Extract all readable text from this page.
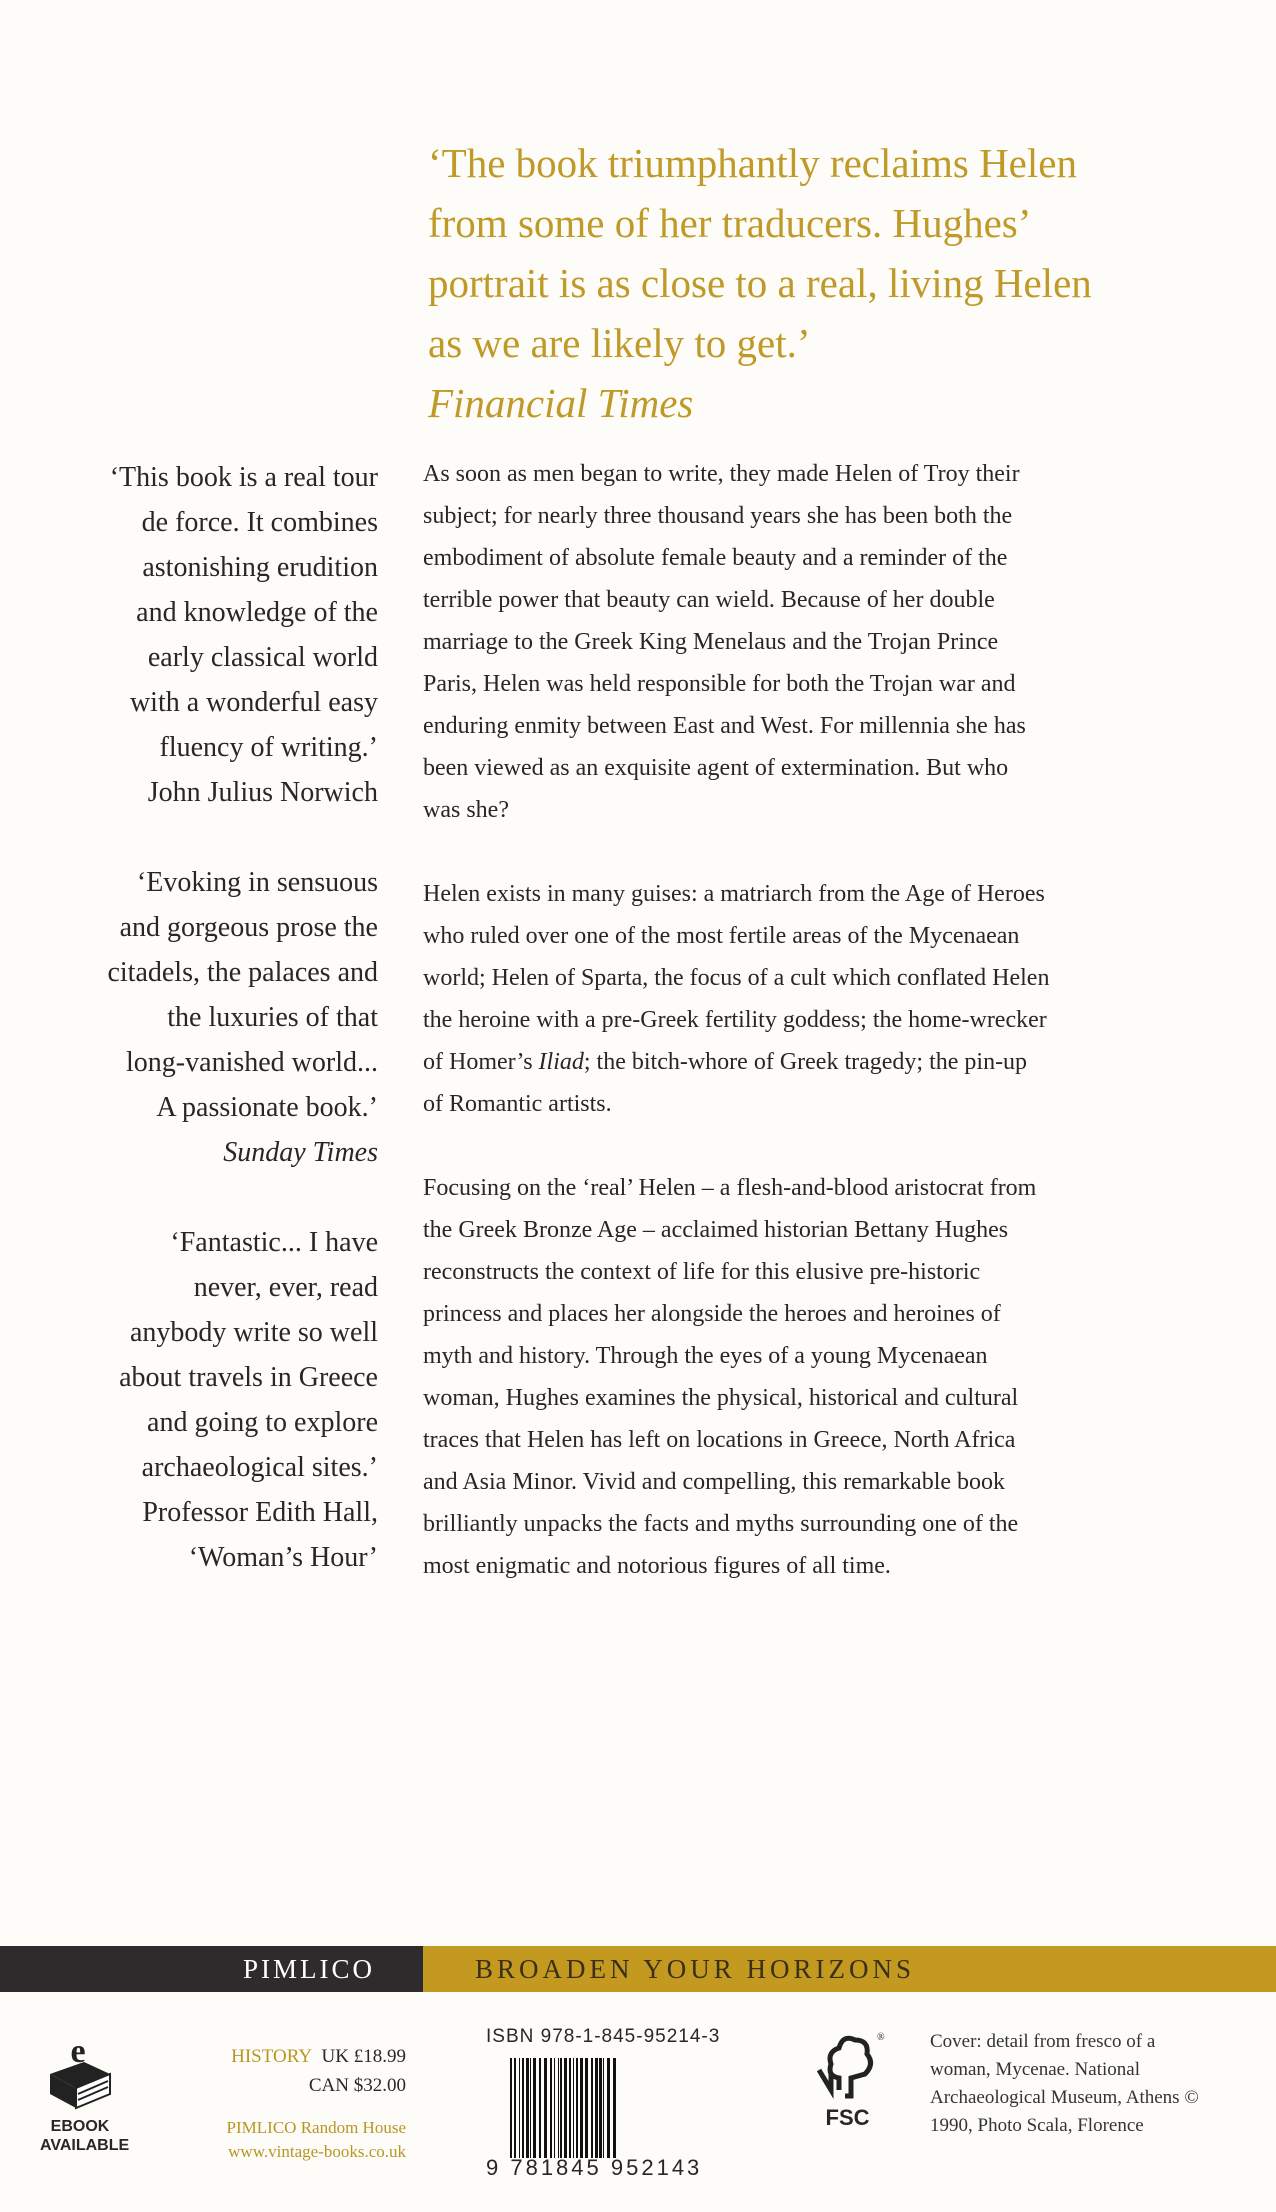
‘The book triumphantly reclaims Helen
from some of her traducers. Hughes’
portrait is as close to a real, living Helen
as we are likely to get.’
Financial Times
‘This book is a real tour
de force. It combines
astonishing erudition
and knowledge of the
early classical world
with a wonderful easy
fluency of writing.’
John Julius Norwich
‘Evoking in sensuous
and gorgeous prose the
citadels, the palaces and
the luxuries of that
long-vanished world...
A passionate book.’
Sunday Times
‘Fantastic... I have
never, ever, read
anybody write so well
about travels in Greece
and going to explore
archaeological sites.’
Professor Edith Hall,
‘Woman’s Hour’

As soon as men began to write, they made Helen of Troy their
subject; for nearly three thousand years she has been both the
embodiment of absolute female beauty and a reminder of the
terrible power that beauty can wield. Because of her double
marriage to the Greek King Menelaus and the Trojan Prince
Paris, Helen was held responsible for both the Trojan war and
enduring enmity between East and West. For millennia she has
been viewed as an exquisite agent of extermination. But who
was she?

Helen exists in many guises: a matriarch from the Age of Heroes
who ruled over one of the most fertile areas of the Mycenaean
world; Helen of Sparta, the focus of a cult which conflated Helen
the heroine with a pre-Greek fertility goddess; the home-wrecker
of Homer’s Iliad; the bitch-whore of Greek tragedy; the pin-up
of Romantic artists.

Focusing on the ‘real’ Helen – a flesh-and-blood aristocrat from
the Greek Bronze Age – acclaimed historian Bettany Hughes
reconstructs the context of life for this elusive pre-historic
princess and places her alongside the heroes and heroines of
myth and history. Through the eyes of a young Mycenaean
woman, Hughes examines the physical, historical and cultural
traces that Helen has left on locations in Greece, North Africa
and Asia Minor. Vivid and compelling, this remarkable book
brilliantly unpacks the facts and myths surrounding one of the
most enigmatic and notorious figures of all time.

PIMLICO	BROADEN YOUR HORIZONS
e
EBOOK
AVAILABLE
HISTORY UK £18.99
CAN $32.00
PIMLICO Random House
www.vintage-books.co.uk
ISBN 978-1-845-95214-3
9 781845 952143
®
FSC
Cover: detail from fresco of a
woman, Mycenae. National
Archaeological Museum, Athens ©
1990, Photo Scala, Florence
